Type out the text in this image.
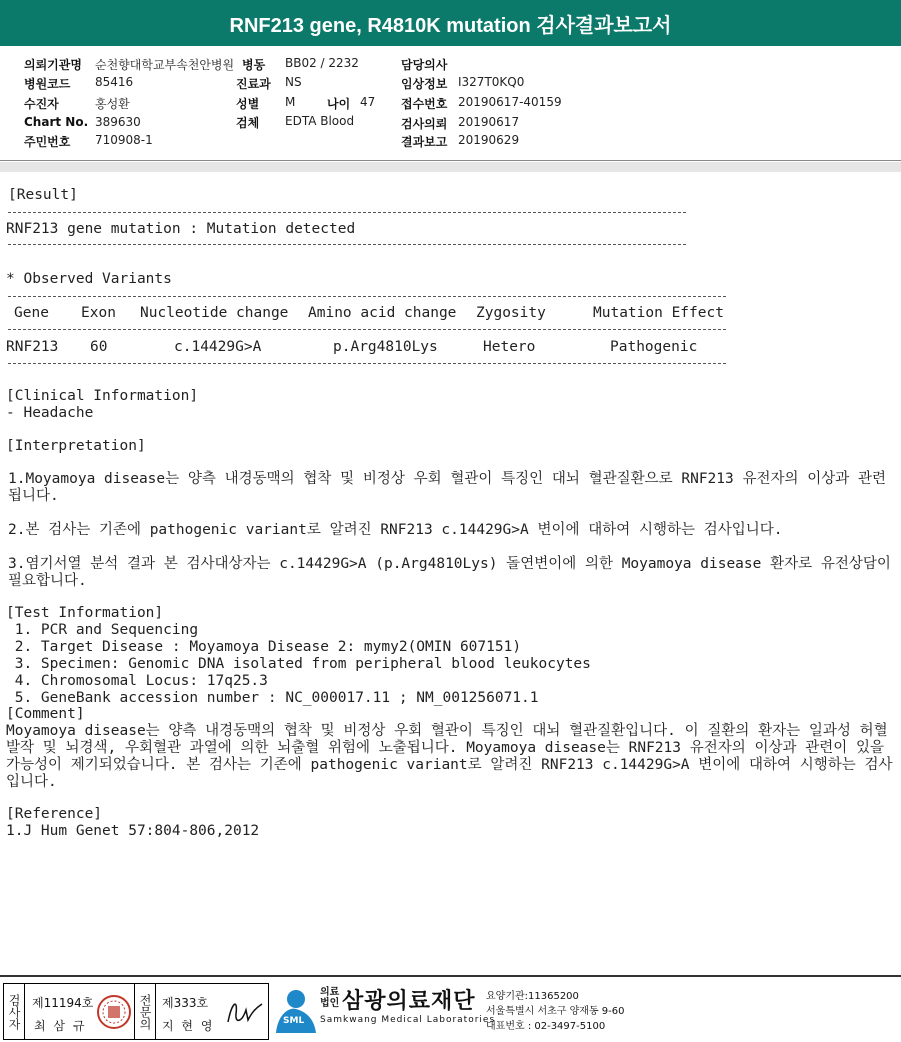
RNF213 gene, R4810K mutation 검사결과보고서
의뢰기관명 순천향대학교부속천안병원
병원코드 85416
수진자	홍성환
Chart No. 389630
주민번호 710908-1
병동 BB02 / 2232
진료과 NS
성별 M	나이 47
검체 EDTA Blood
담당의사
임상정보 I327T0KQ0
접수번호 20190617-40159
검사의뢰 20190617
결과보고 20190629
[Result]
RNF213 gene mutation : Mutation detected
* Observed Variants
Gene Exon Nucleotide change Amino acid change Zygosity	Mutation Effect
RNF213 60	c.14429G>A	p.Arg4810Lys	Hetero	Pathogenic
[Clinical Information]
- Headache
[Interpretation]
1.Moyamoya disease는 양측 내경동맥의 협착 및 비정상 우회 혈관이 특징인 대뇌 혈관질환으로 RNF213 유전자의 이상과 관련됩니다.
2.본 검사는 기존에 pathogenic variant로 알려진 RNF213 c.14429G>A 변이에 대하여 시행하는 검사입니다.
3.염기서열 분석 결과 본 검사대상자는 c.14429G>A (p.Arg4810Lys) 돌연변이에 의한 Moyamoya disease 환자로 유전상담이 필요합니다.
[Test Information]
1. PCR and Sequencing
2. Target Disease : Moyamoya Disease 2: mymy2(OMIN 607151)
3. Specimen: Genomic DNA isolated from peripheral blood leukocytes
4. Chromosomal Locus: 17q25.3
5. GeneBank accession number : NC_000017.11 ; NM_001256071.1
[Comment]
Moyamoya disease는 양측 내경동맥의 협착 및 비정상 우회 혈관이 특징인 대뇌 혈관질환입니다. 이 질환의 환자는 일과성 허혈발작 및 뇌경색, 우회혈관 과열에 의한 뇌출혈 위험에 노출됩니다. Moyamoya disease는 RNF213 유전자의 이상과 관련이 있을 가능성이 제기되었습니다. 본 검사는 기존에 pathogenic variant로 알려진 RNF213 c.14429G>A 변이에 대하여 시행하는 검사입니다.
[Reference]
1.J Hum Genet 57:804-806,2012
검사자 제11194호
최 삼 규	전문의 제333호
지 현 영	SML
의료
법인 삼광의료재단
Samkwang Medical Laboratories
요양기관:11365200
서울특별시 서초구 양재동 9-60
대표번호 : 02-3497-5100
